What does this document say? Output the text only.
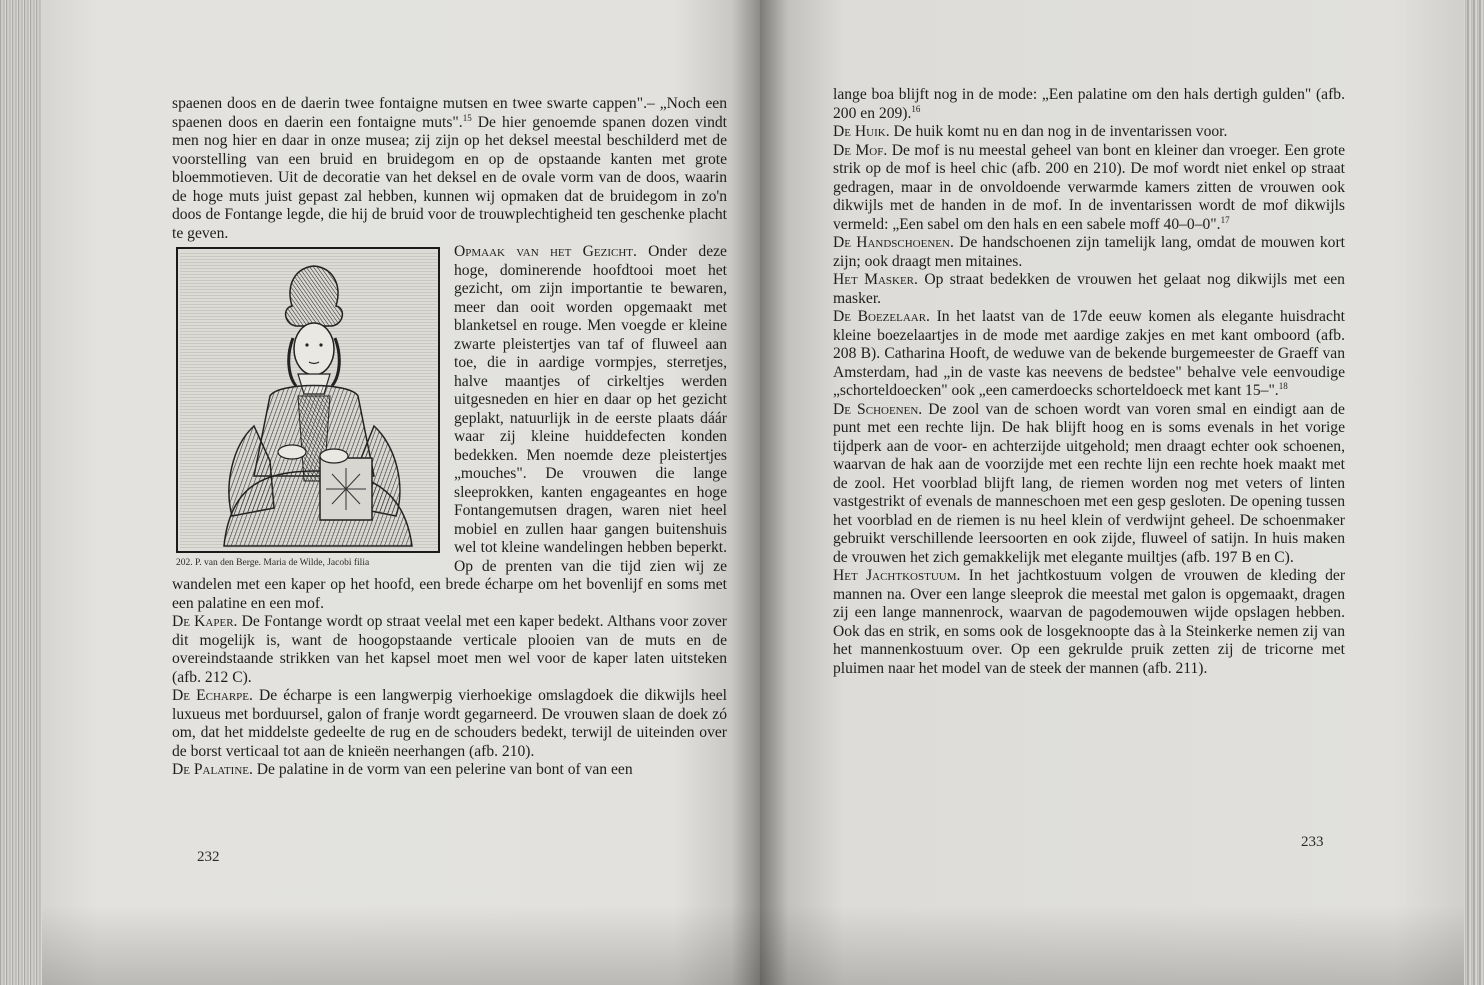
spaenen doos en de daerin twee fontaigne mutsen en twee swarte cappen".– „Noch een spaenen doos en daerin een fontaigne muts".$^{15}$ De hier genoemde spanen dozen vindt men nog hier en daar in onze musea; zij zijn op het deksel meestal beschilderd met de voorstelling van een bruid en bruidegom en op de opstaande kanten met grote bloemmotieven. Uit de decoratie van het deksel en de ovale vorm van de doos, waarin de hoge muts juist gepast zal hebben, kunnen wij opmaken dat de bruidegom in zo'n doos de Fontange legde, die hij de bruid voor de trouwplechtigheid ten geschenke placht te geven.

202. P. van den Berge. Maria de Wilde, Jacobi filia

Opmaak van het Gezicht. Onder deze hoge, dominerende hoofdtooi moet het gezicht, om zijn importantie te bewaren, meer dan ooit worden opgemaakt met blanketsel en rouge. Men voegde er kleine zwarte pleistertjes van taf of fluweel aan toe, die in aardige vormpjes, sterretjes, halve maantjes of cirkeltjes werden uitgesneden en hier en daar op het gezicht geplakt, natuurlijk in de eerste plaats dáár waar zij kleine huiddefecten konden bedekken. Men noemde deze pleistertjes „mouches". De vrouwen die lange sleeprokken, kanten engageantes en hoge Fontangemutsen dragen, waren niet heel mobiel en zullen haar gangen buitenshuis wel tot kleine wandelingen hebben beperkt. Op de prenten van die tijd zien wij ze wandelen met een kaper op het hoofd, een brede écharpe om het bovenlijf en soms met een palatine en een mof.

De Kaper. De Fontange wordt op straat veelal met een kaper bedekt. Althans voor zover dit mogelijk is, want de hoogopstaande verticale plooien van de muts en de overeindstaande strikken van het kapsel moet men wel voor de kaper laten uitsteken (afb. 212 C).

De Echarpe. De écharpe is een langwerpig vierhoekige omslagdoek die dikwijls heel luxueus met borduursel, galon of franje wordt gegarneerd. De vrouwen slaan de doek zó om, dat het middelste gedeelte de rug en de schouders bedekt, terwijl de uiteinden over de borst verticaal tot aan de knieën neerhangen (afb. 210).

De Palatine. De palatine in de vorm van een pelerine van bont of van een

232

lange boa blijft nog in de mode: „Een palatine om den hals dertigh gulden" (afb. 200 en 209).$^{16}$

De Huik. De huik komt nu en dan nog in de inventarissen voor.

De Mof. De mof is nu meestal geheel van bont en kleiner dan vroeger. Een grote strik op de mof is heel chic (afb. 200 en 210). De mof wordt niet enkel op straat gedragen, maar in de onvoldoende verwarmde kamers zitten de vrouwen ook dikwijls met de handen in de mof. In de inventarissen wordt de mof dikwijls vermeld: „Een sabel om den hals en een sabele moff 40–0–0".$^{17}$

De Handschoenen. De handschoenen zijn tamelijk lang, omdat de mouwen kort zijn; ook draagt men mitaines.

Het Masker. Op straat bedekken de vrouwen het gelaat nog dikwijls met een masker.

De Boezelaar. In het laatst van de 17de eeuw komen als elegante huisdracht kleine boezelaartjes in de mode met aardige zakjes en met kant omboord (afb. 208 B). Catharina Hooft, de weduwe van de bekende burgemeester de Graeff van Amsterdam, had „in de vaste kas neevens de bedstee" behalve vele eenvoudige „schorteldoecken" ook „een camerdoecks schorteldoeck met kant 15–".$^{18}$

De Schoenen. De zool van de schoen wordt van voren smal en eindigt aan de punt met een rechte lijn. De hak blijft hoog en is soms evenals in het vorige tijdperk aan de voor- en achterzijde uitgehold; men draagt echter ook schoenen, waarvan de hak aan de voorzijde met een rechte lijn een rechte hoek maakt met de zool. Het voorblad blijft lang, de riemen worden nog met veters of linten vastgestrikt of evenals de manneschoen met een gesp gesloten. De opening tussen het voorblad en de riemen is nu heel klein of verdwijnt geheel. De schoenmaker gebruikt verschillende leersoorten en ook zijde, fluweel of satijn. In huis maken de vrouwen het zich gemakkelijk met elegante muiltjes (afb. 197 B en C).

Het Jachtkostuum. In het jachtkostuum volgen de vrouwen de kleding der mannen na. Over een lange sleeprok die meestal met galon is opgemaakt, dragen zij een lange mannenrock, waarvan de pagodemouwen wijde opslagen hebben. Ook das en strik, en soms ook de losgeknoopte das à la Steinkerke nemen zij van het mannenkostuum over. Op een gekrulde pruik zetten zij de tricorne met pluimen naar het model van de steek der mannen (afb. 211).

233
